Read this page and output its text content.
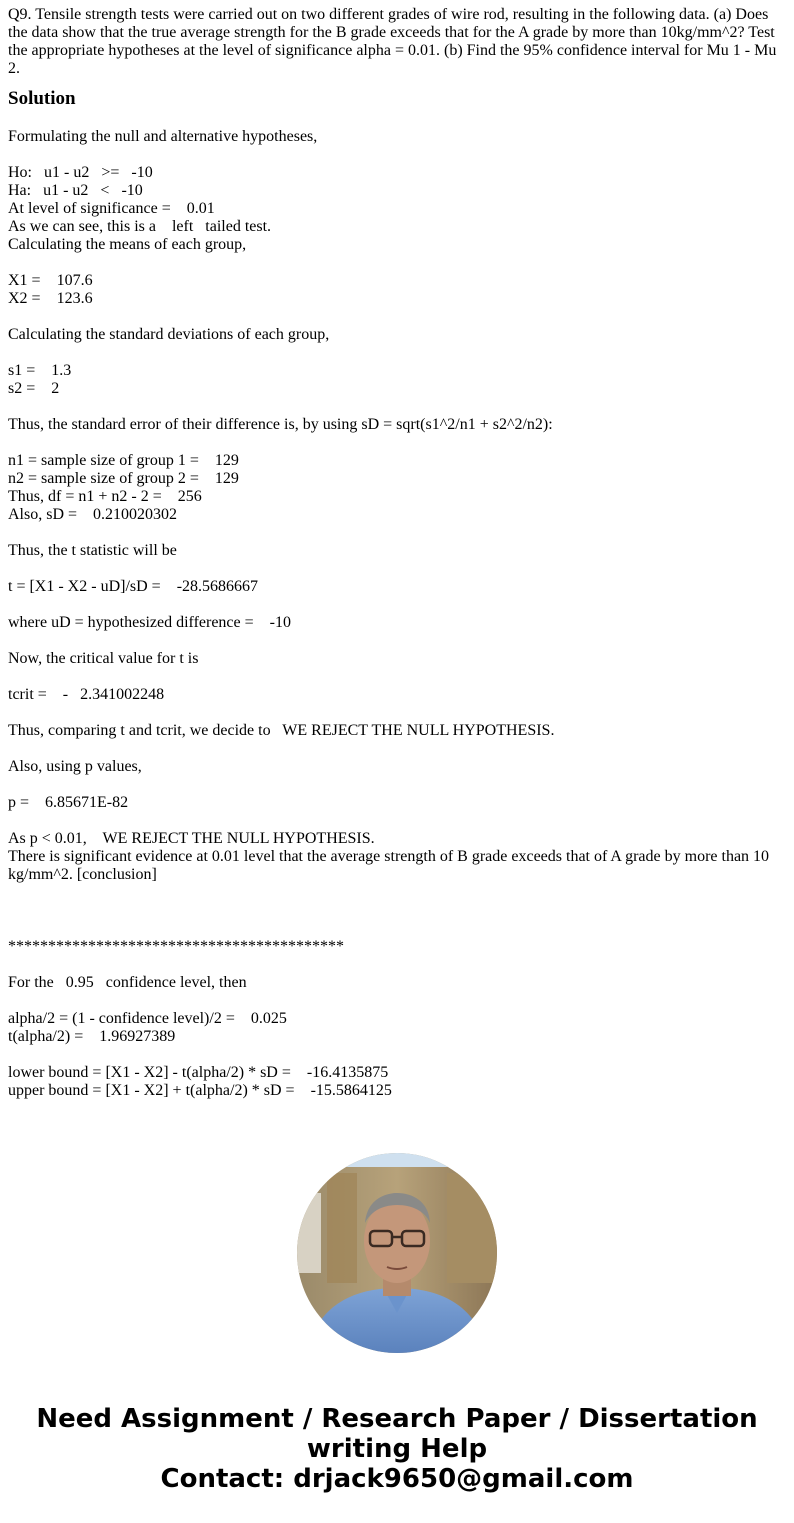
Q9. Tensile strength tests were carried out on two different grades of wire rod, resulting in the following data. (a) Does the data show that the true average strength for the B grade exceeds that for the A grade by more than 10kg/mm^2? Test the appropriate hypotheses at the level of significance alpha = 0.01. (b) Find the 95% confidence interval for Mu 1 - Mu 2.
Solution
Formulating the null and alternative hypotheses,
Ho:   u1 - u2   >=   -10
Ha:   u1 - u2   <   -10
At level of significance =    0.01
As we can see, this is a    left   tailed test.
Calculating the means of each group,
X1 =    107.6
X2 =    123.6
Calculating the standard deviations of each group,
s1 =    1.3
s2 =    2
Thus, the standard error of their difference is, by using sD = sqrt(s1^2/n1 + s2^2/n2):
n1 = sample size of group 1 =    129
n2 = sample size of group 2 =    129
Thus, df = n1 + n2 - 2 =    256
Also, sD =    0.210020302
Thus, the t statistic will be
t = [X1 - X2 - uD]/sD =    -28.5686667
where uD = hypothesized difference =    -10
Now, the critical value for t is
tcrit =    -   2.341002248
Thus, comparing t and tcrit, we decide to   WE REJECT THE NULL HYPOTHESIS.
Also, using p values,
p =    6.85671E-82
As p < 0.01,    WE REJECT THE NULL HYPOTHESIS.
There is significant evidence at 0.01 level that the average strength of B grade exceeds that of A grade by more than 10 kg/mm^2. [conclusion]
******************************************
For the   0.95   confidence level, then
alpha/2 = (1 - confidence level)/2 =    0.025
t(alpha/2) =    1.96927389
lower bound = [X1 - X2] - t(alpha/2) * sD =    -16.4135875
upper bound = [X1 - X2] + t(alpha/2) * sD =    -15.5864125
Need Assignment / Research Paper / Dissertation
writing Help
Contact: drjack9650@gmail.com
